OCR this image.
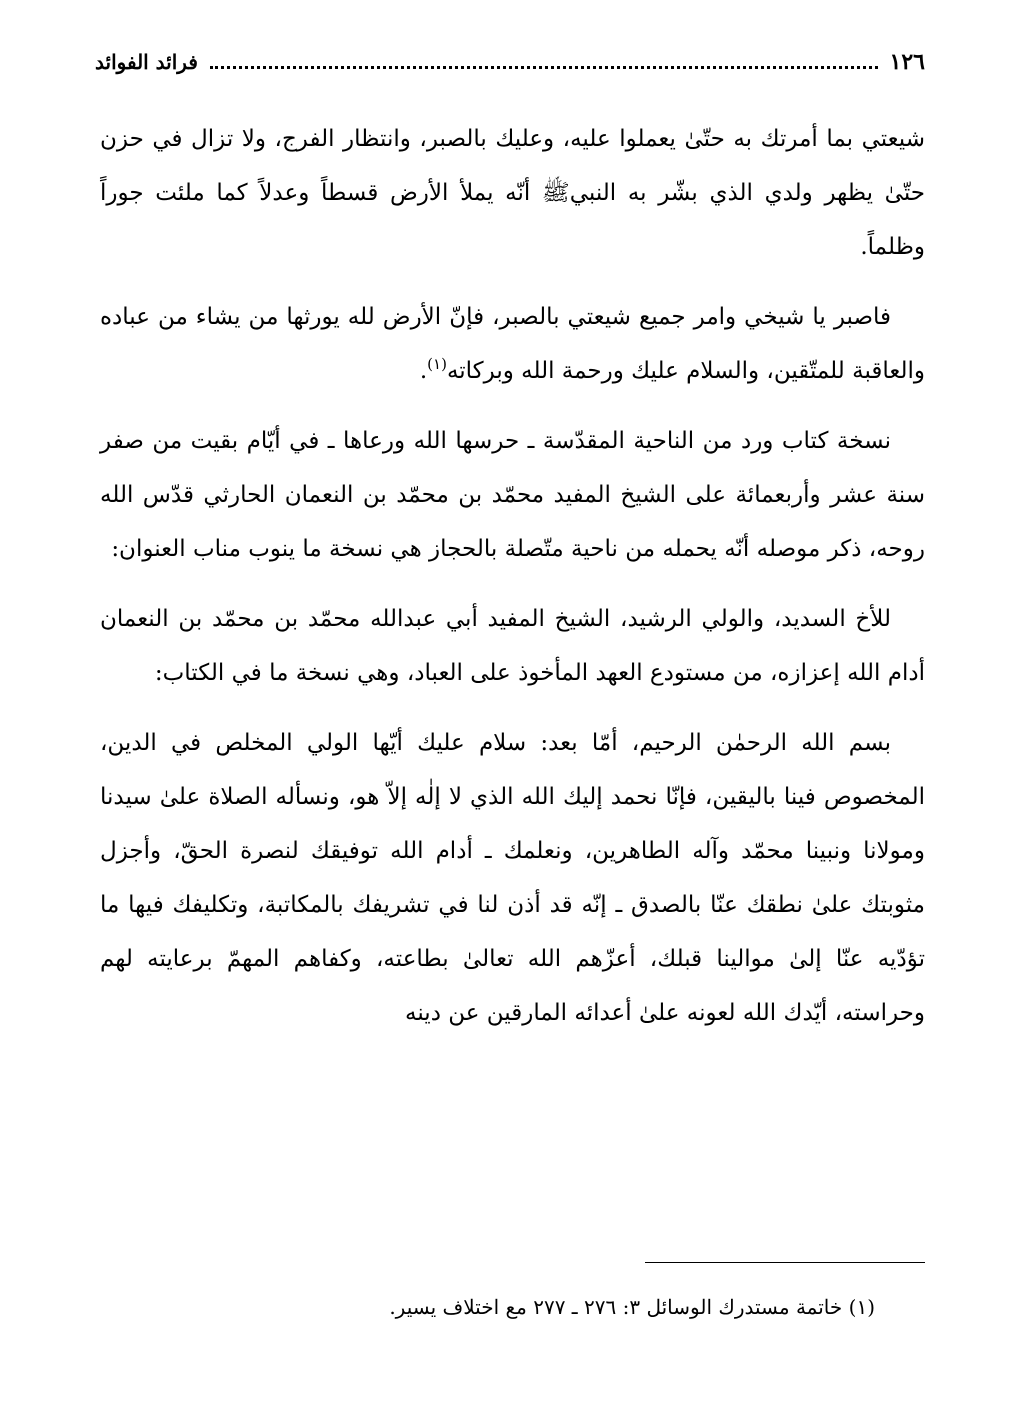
١٢٦
فرائد الفوائد

شيعتي بما أمرتك به حتّىٰ يعملوا عليه، وعليك بالصبر، وانتظار الفرج، ولا تزال في حزن حتّىٰ يظهر ولدي الذي بشّر به النبيﷺ أنّه يملأ الأرض قسطاً وعدلاً كما ملئت جوراً وظلماً.

فاصبر يا شيخي وامر جميع شيعتي بالصبر، فإنّ الأرض لله يورثها من يشاء من عباده والعاقبة للمتّقين، والسلام عليك ورحمة الله وبركاته$^{(١)}$.

نسخة كتاب ورد من الناحية المقدّسة ـ حرسها الله ورعاها ـ في أيّام بقيت من صفر سنة عشر وأربعمائة على الشيخ المفيد محمّد بن محمّد بن النعمان الحارثي قدّس الله روحه، ذكر موصله أنّه يحمله من ناحية متّصلة بالحجاز هي نسخة ما ينوب مناب العنوان:

للأخ السديد، والولي الرشيد، الشيخ المفيد أبي عبدالله محمّد بن محمّد بن النعمان أدام الله إعزازه، من مستودع العهد المأخوذ على العباد، وهي نسخة ما في الكتاب:

بسم الله الرحمٰن الرحيم، أمّا بعد: سلام عليك أيّها الولي المخلص في الدين، المخصوص فينا باليقين، فإنّا نحمد إليك الله الذي لا إلٰه إلاّ هو، ونسأله الصلاة علىٰ سيدنا ومولانا ونبينا محمّد وآله الطاهرين، ونعلمك ـ أدام الله توفيقك لنصرة الحقّ، وأجزل مثوبتك علىٰ نطقك عنّا بالصدق ـ إنّه قد أذن لنا في تشريفك بالمكاتبة، وتكليفك فيها ما تؤدّيه عنّا إلىٰ موالينا قبلك، أعزّهم الله تعالىٰ بطاعته، وكفاهم المهمّ برعايته لهم وحراسته، أيّدك الله لعونه علىٰ أعدائه المارقين عن دينه

(١) خاتمة مستدرك الوسائل ٣: ٢٧٦ ـ ٢٧٧ مع اختلاف يسير.
